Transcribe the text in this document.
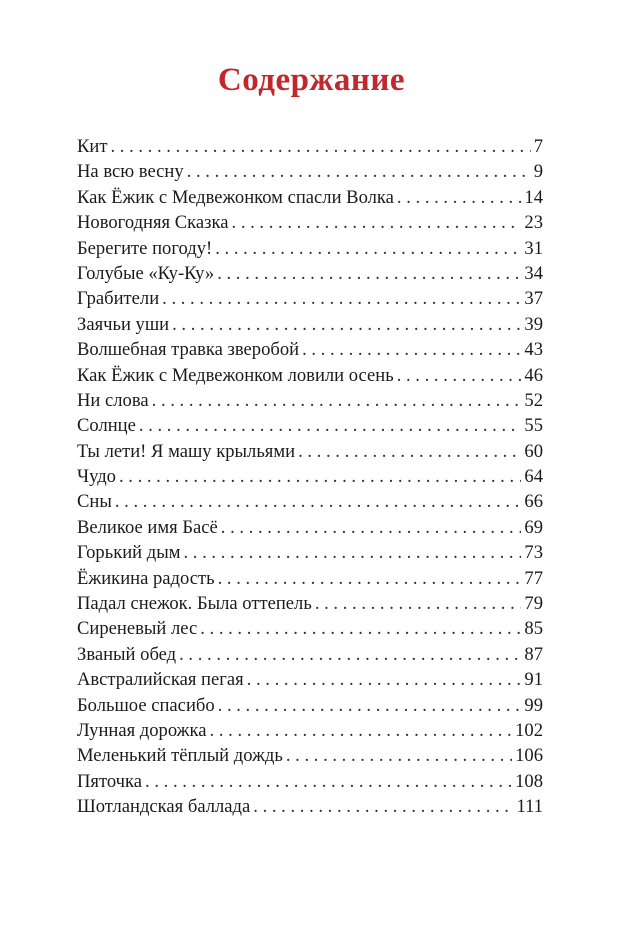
Содержание
Кит . . .	7
На всю весну . . .	9
Как Ёжик с Медвежонком спасли Волка . . .	14
Новогодняя Сказка . . .	23
Берегите погоду! . . .	31
Голубые «Ку-Ку» . . .	34
Грабители . . .	37
Заячьи уши . . .	39
Волшебная травка зверобой . . .	43
Как Ёжик с Медвежонком ловили осень . . .	46
Ни слова . . .	52
Солнце . . .	55
Ты лети! Я машу крыльями . . .	60
Чудо . . .	64
Сны . . .	66
Великое имя Басё . . .	69
Горький дым . . .	73
Ёжикина радость . . .	77
Падал снежок. Была оттепель . . .	79
Сиреневый лес . . .	85
Званый обед . . .	87
Австралийская пегая . . .	91
Большое спасибо . . .	99
Лунная дорожка . . .	102
Меленький тёплый дождь . . .	106
Пяточка . . .	108
Шотландская баллада . . .	111
